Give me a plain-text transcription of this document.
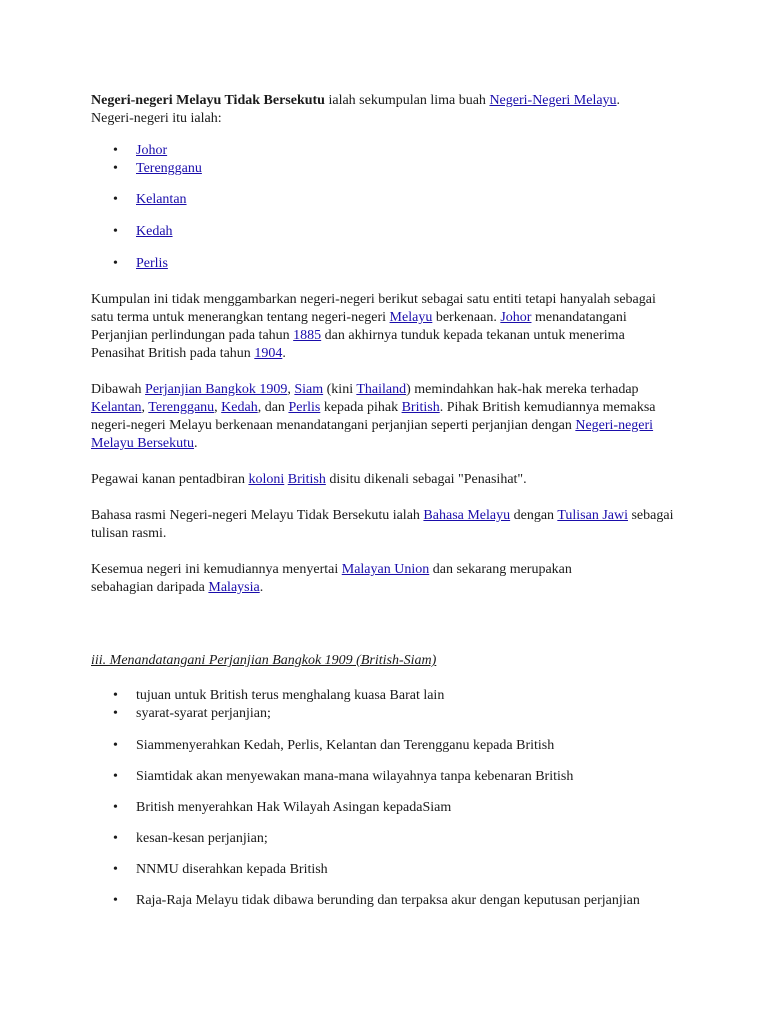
Negeri-negeri Melayu Tidak Bersekutu ialah sekumpulan lima buah Negeri-Negeri Melayu.
Negeri-negeri itu ialah:

• Johor
• Terengganu
• Kelantan
• Kedah
• Perlis

Kumpulan ini tidak menggambarkan negeri-negeri berikut sebagai satu entiti tetapi hanyalah sebagai satu terma untuk menerangkan tentang negeri-negeri Melayu berkenaan. Johor menandatangani Perjanjian perlindungan pada tahun 1885 dan akhirnya tunduk kepada tekanan untuk menerima Penasihat British pada tahun 1904.

Dibawah Perjanjian Bangkok 1909, Siam (kini Thailand) memindahkan hak-hak mereka terhadap Kelantan, Terengganu, Kedah, dan Perlis kepada pihak British. Pihak British kemudiannya memaksa negeri-negeri Melayu berkenaan menandatangani perjanjian seperti perjanjian dengan Negeri-negeri Melayu Bersekutu.

Pegawai kanan pentadbiran koloni British disitu dikenali sebagai "Penasihat".

Bahasa rasmi Negeri-negeri Melayu Tidak Bersekutu ialah Bahasa Melayu dengan Tulisan Jawi sebagai tulisan rasmi.

Kesemua negeri ini kemudiannya menyertai Malayan Union dan sekarang merupakan sebahagian daripada Malaysia.

iii. Menandatangani Perjanjian Bangkok 1909 (British-Siam)

• tujuan untuk British terus menghalang kuasa Barat lain
• syarat-syarat perjanjian;
• Siammenyerahkan Kedah, Perlis, Kelantan dan Terengganu kepada British
• Siamtidak akan menyewakan mana-mana wilayahnya tanpa kebenaran British
• British menyerahkan Hak Wilayah Asingan kepadaSiam
• kesan-kesan perjanjian;
• NNMU diserahkan kepada British
• Raja-Raja Melayu tidak dibawa berunding dan terpaksa akur dengan keputusan perjanjian
